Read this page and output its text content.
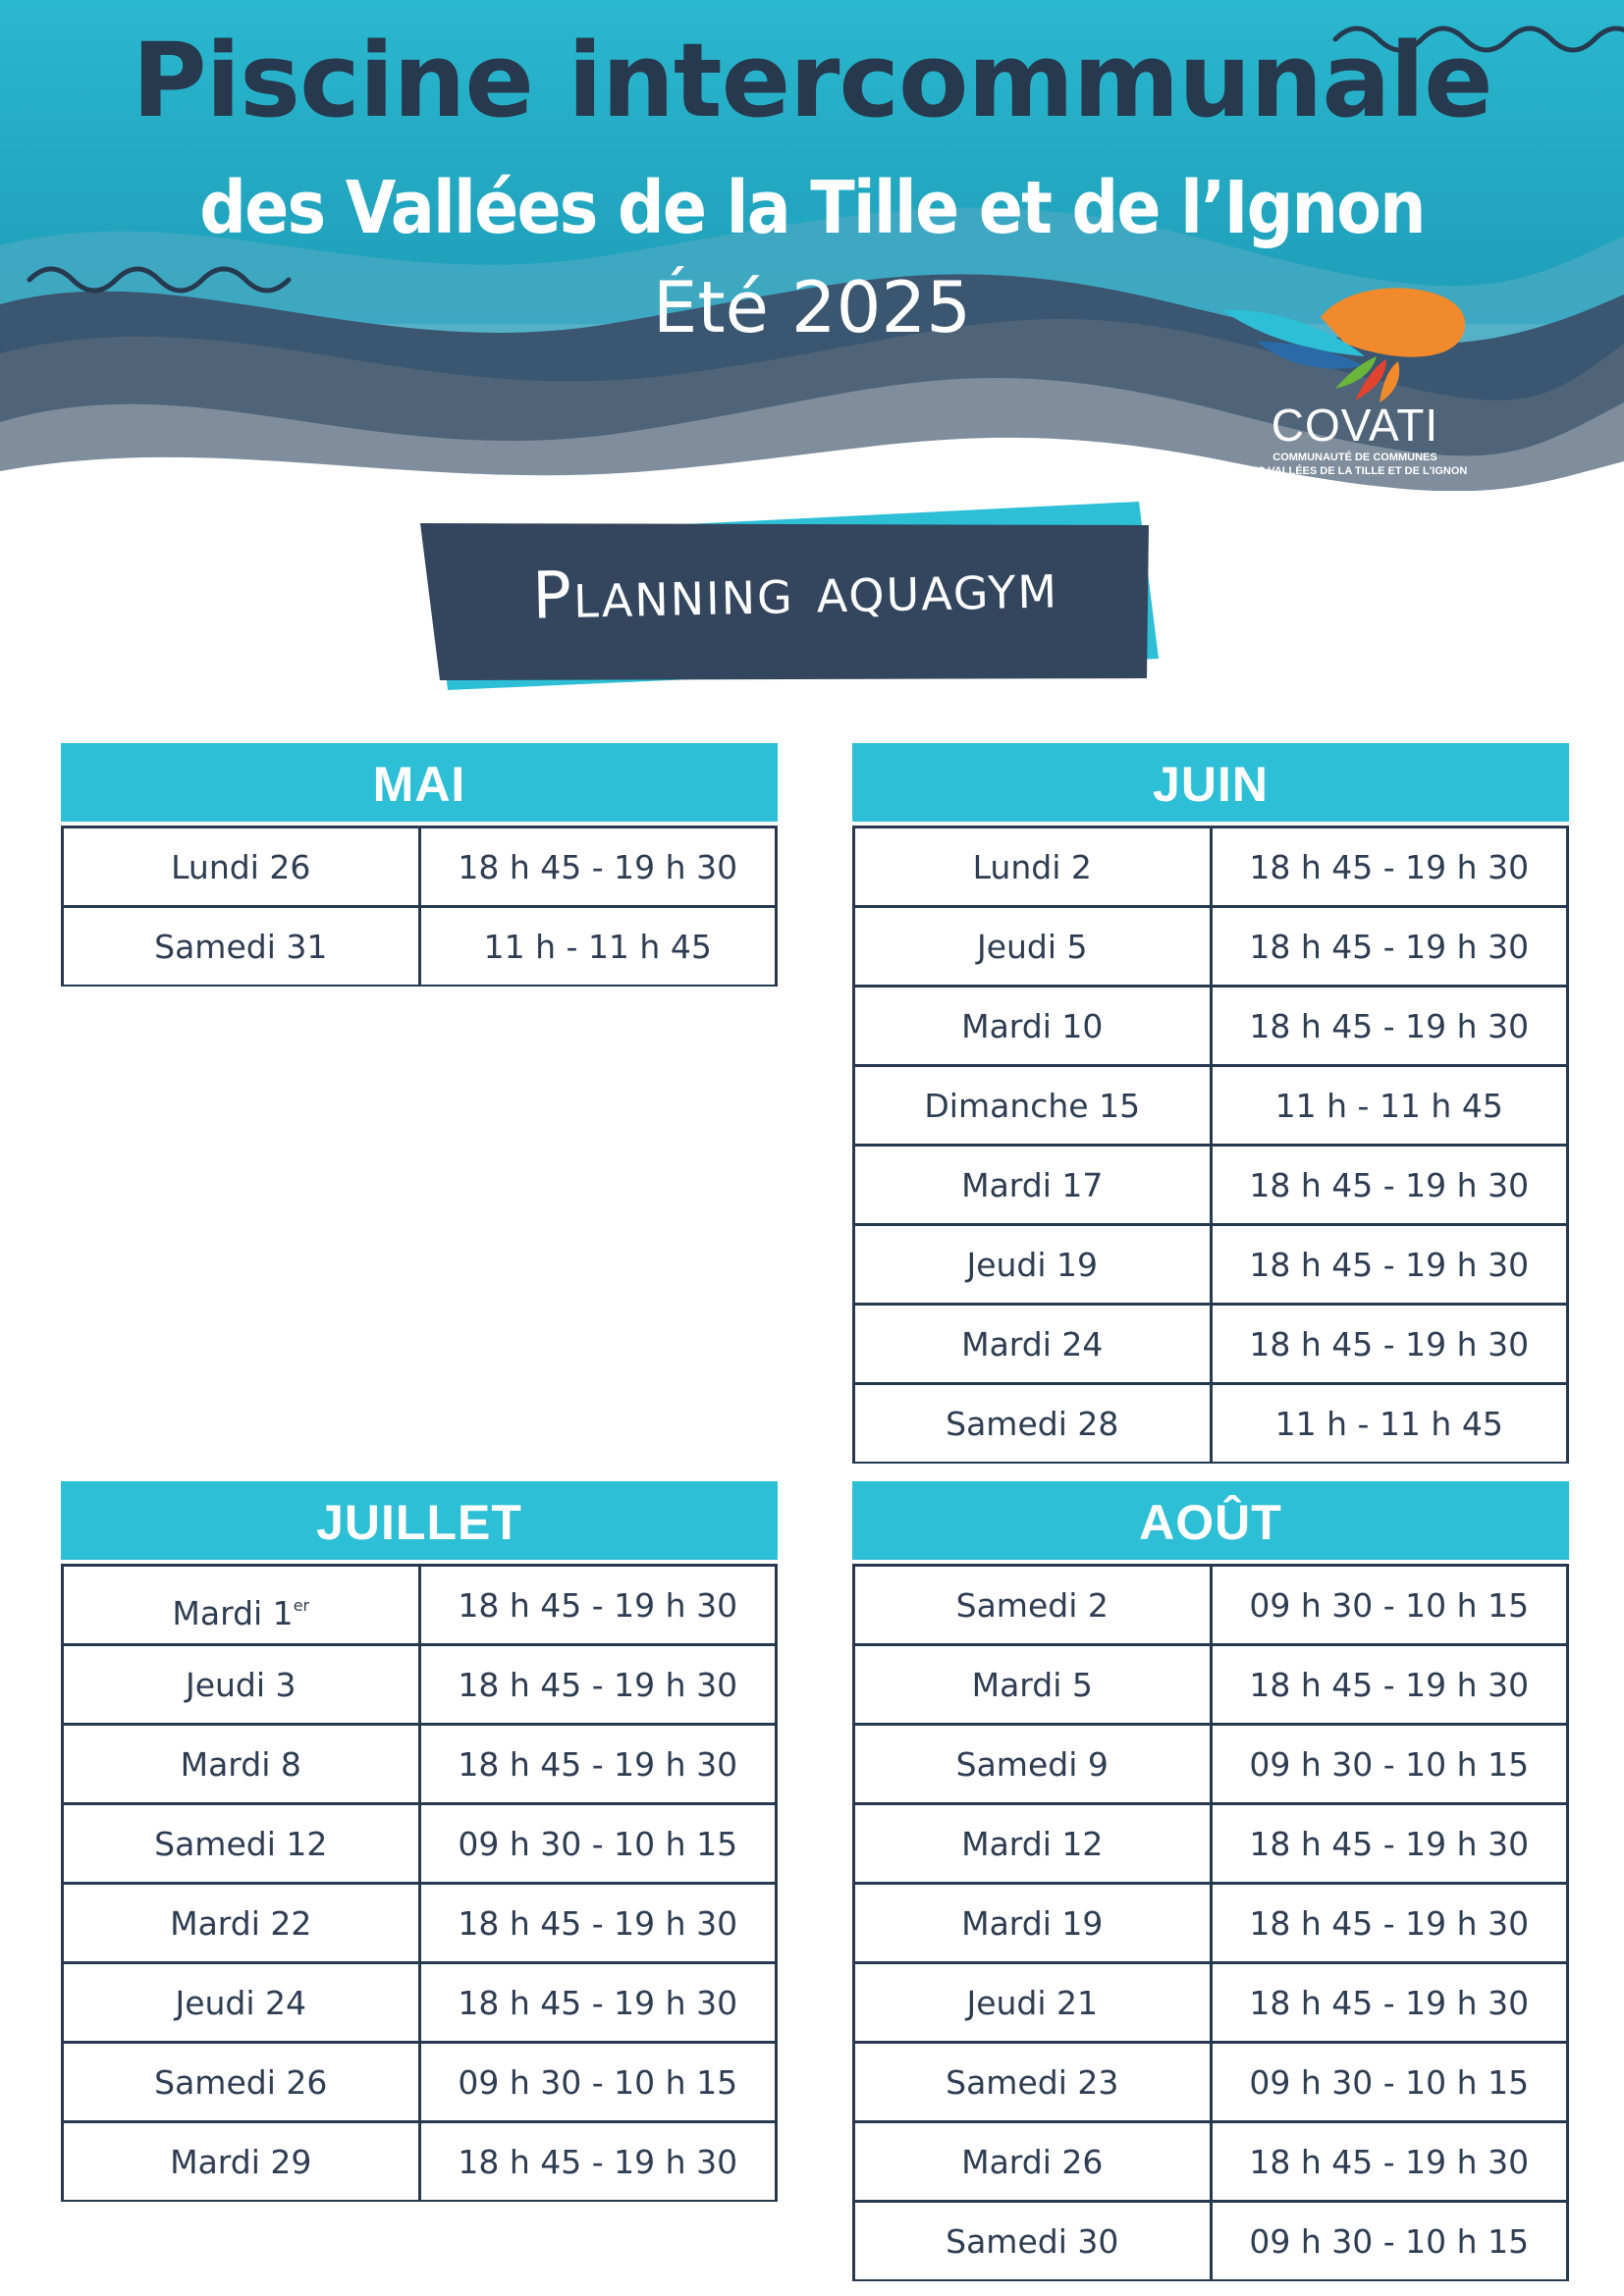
Piscine intercommunale
des Vallées de la Tille et de l’Ignon
Été 2025
COVATI
COMMUNAUTÉ DE COMMUNES
DES VALLÉES DE LA TILLE ET DE L'IGNON
Planning aquagym
MAI
Lundi 26	18 h 45 - 19 h 30
Samedi 31	11 h - 11 h 45
JUIN
Lundi 2	18 h 45 - 19 h 30
Jeudi 5	18 h 45 - 19 h 30
Mardi 10	18 h 45 - 19 h 30
Dimanche 15	11 h - 11 h 45
Mardi 17	18 h 45 - 19 h 30
Jeudi 19	18 h 45 - 19 h 30
Mardi 24	18 h 45 - 19 h 30
Samedi 28	11 h - 11 h 45
JUILLET
Mardi 1er	18 h 45 - 19 h 30
Jeudi 3	18 h 45 - 19 h 30
Mardi 8	18 h 45 - 19 h 30
Samedi 12	09 h 30 - 10 h 15
Mardi 22	18 h 45 - 19 h 30
Jeudi 24	18 h 45 - 19 h 30
Samedi 26	09 h 30 - 10 h 15
Mardi 29	18 h 45 - 19 h 30
AOÛT
Samedi 2	09 h 30 - 10 h 15
Mardi 5	18 h 45 - 19 h 30
Samedi 9	09 h 30 - 10 h 15
Mardi 12	18 h 45 - 19 h 30
Mardi 19	18 h 45 - 19 h 30
Jeudi 21	18 h 45 - 19 h 30
Samedi 23	09 h 30 - 10 h 15
Mardi 26	18 h 45 - 19 h 30
Samedi 30	09 h 30 - 10 h 15
